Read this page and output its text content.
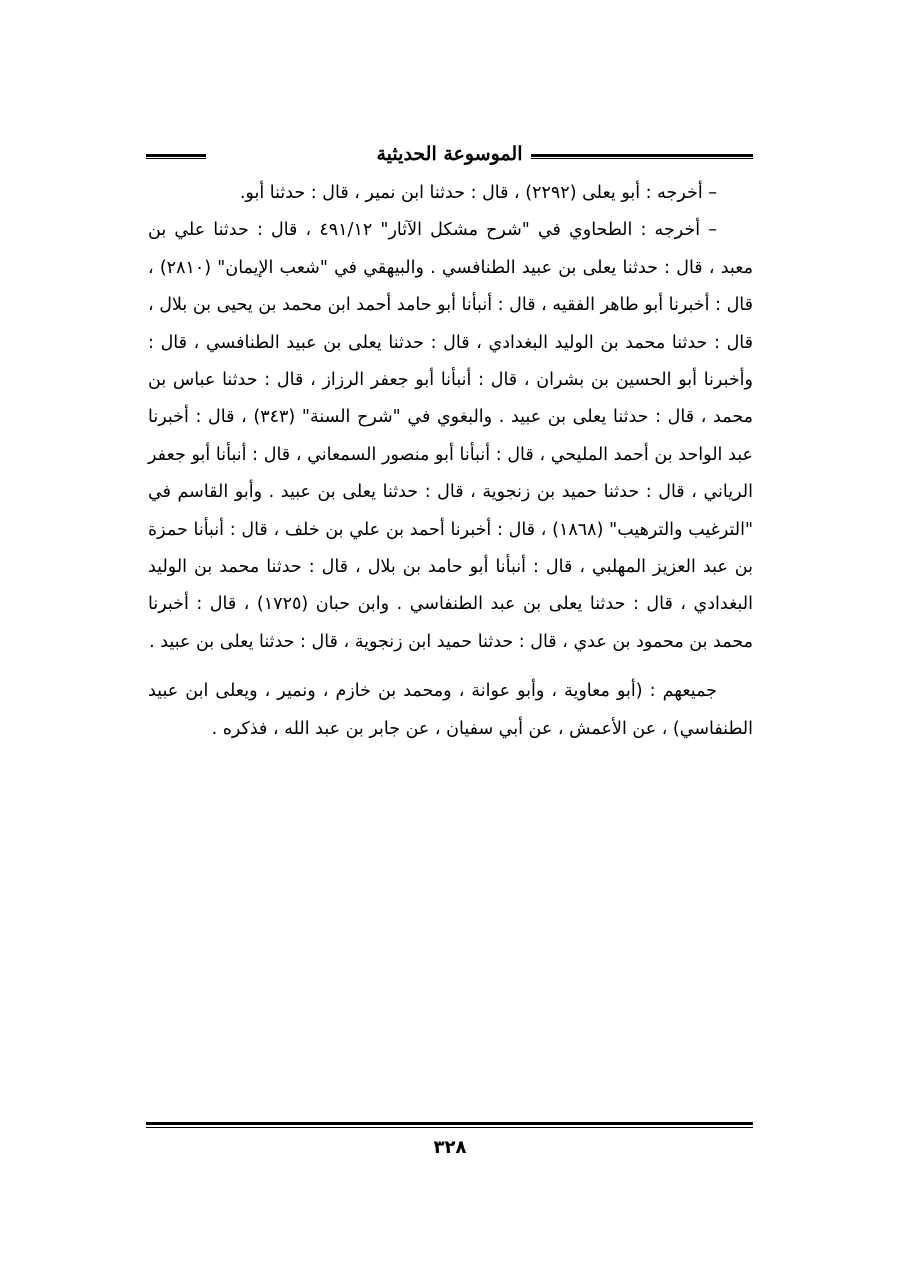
الموسوعة الحديثية

– أخرجه : أبو يعلى (٢٢٩٢) ، قال : حدثنا ابن نمير ، قال : حدثنا أبو.

– أخرجه : الطحاوي في "شرح مشكل الآثار" ٤٩١/١٢ ، قال : حدثنا علي بن معبد ، قال : حدثنا يعلى بن عبيد الطنافسي . والبيهقي في "شعب الإيمان" (٢٨١٠) ، قال : أخبرنا أبو طاهر الفقيه ، قال : أنبأنا أبو حامد أحمد ابن محمد بن يحيى بن بلال ، قال : حدثنا محمد بن الوليد البغدادي ، قال : حدثنا يعلى بن عبيد الطنافسي ، قال : وأخبرنا أبو الحسين بن بشران ، قال : أنبأنا أبو جعفر الرزاز ، قال : حدثنا عباس بن محمد ، قال : حدثنا يعلى بن عبيد . والبغوي في "شرح السنة" (٣٤٣) ، قال : أخبرنا عبد الواحد بن أحمد المليحي ، قال : أنبأنا أبو منصور السمعاني ، قال : أنبأنا أبو جعفر الرياني ، قال : حدثنا حميد بن زنجوية ، قال : حدثنا يعلى بن عبيد . وأبو القاسم في "الترغيب والترهيب" (١٨٦٨) ، قال : أخبرنا أحمد بن علي بن خلف ، قال : أنبأنا حمزة بن عبد العزيز المهلبي ، قال : أنبأنا أبو حامد بن بلال ، قال : حدثنا محمد بن الوليد البغدادي ، قال : حدثنا يعلى بن عبد الطنفاسي . وابن حبان (١٧٢٥) ، قال : أخبرنا محمد بن محمود بن عدي ، قال : حدثنا حميد ابن زنجوية ، قال : حدثنا يعلى بن عبيد .

جميعهم : (أبو معاوية ، وأبو عوانة ، ومحمد بن خازم ، ونمير ، ويعلى ابن عبيد الطنفاسي) ، عن الأعمش ، عن أبي سفيان ، عن جابر بن عبد الله ، فذكره .

٣٢٨
